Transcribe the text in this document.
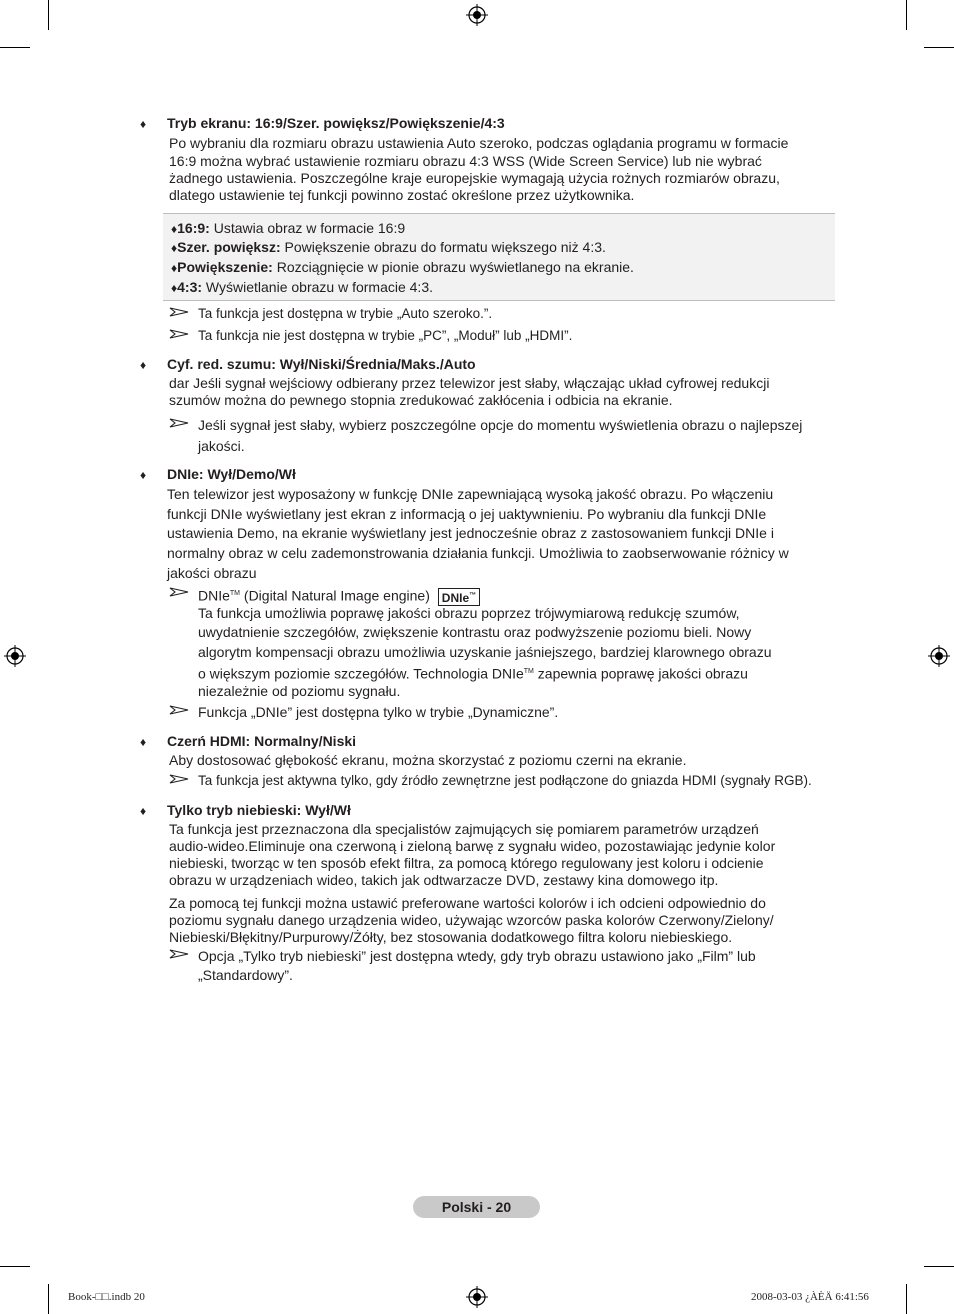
♦ Tryb ekranu: 16:9/Szer. powiększ/Powiększenie/4:3
Po wybraniu dla rozmiaru obrazu ustawienia Auto szeroko, podczas oglądania programu w formacie
16:9 można wybrać ustawienie rozmiaru obrazu 4:3 WSS (Wide Screen Service) lub nie wybrać
żadnego ustawienia. Poszczególne kraje europejskie wymagają użycia rożnych rozmiarów obrazu,
dlatego ustawienie tej funkcji powinno zostać określone przez użytkownika.
♦16:9: Ustawia obraz w formacie 16:9
♦Szer. powiększ: Powiększenie obrazu do formatu większego niż 4:3.
♦Powiększenie: Rozciągnięcie w pionie obrazu wyświetlanego na ekranie.
♦4:3: Wyświetlanie obrazu w formacie 4:3.
Ta funkcja jest dostępna w trybie „Auto szeroko.”.
Ta funkcja nie jest dostępna w trybie „PC”, „Moduł” lub „HDMI”.
♦ Cyf. red. szumu: Wył/Niski/Średnia/Maks./Auto
dar Jeśli sygnał wejściowy odbierany przez telewizor jest słaby, włączając układ cyfrowej redukcji
szumów można do pewnego stopnia zredukować zakłócenia i odbicia na ekranie.
Jeśli sygnał jest słaby, wybierz poszczególne opcje do momentu wyświetlenia obrazu o najlepszej
jakości.
♦ DNIe: Wył/Demo/Wł
Ten telewizor jest wyposażony w funkcję DNIe zapewniającą wysoką jakość obrazu. Po włączeniu
funkcji DNIe wyświetlany jest ekran z informacją o jej uaktywnieniu. Po wybraniu dla funkcji DNIe
ustawienia Demo, na ekranie wyświetlany jest jednocześnie obraz z zastosowaniem funkcji DNIe i
normalny obraz w celu zademonstrowania działania funkcji. Umożliwia to zaobserwowanie różnicy w
jakości obrazu
DNIe™ (Digital Natural Image engine) DNIe™
Ta funkcja umożliwia poprawę jakości obrazu poprzez trójwymiarową redukcję szumów,
uwydatnienie szczegółów, zwiększenie kontrastu oraz podwyższenie poziomu bieli. Nowy
algorytm kompensacji obrazu umożliwia uzyskanie jaśniejszego, bardziej klarownego obrazu
o większym poziomie szczegółów. Technologia DNIe™ zapewnia poprawę jakości obrazu
niezależnie od poziomu sygnału.
Funkcja „DNIe” jest dostępna tylko w trybie „Dynamiczne”.
♦ Czerń HDMI: Normalny/Niski
Aby dostosować głębokość ekranu, można skorzystać z poziomu czerni na ekranie.
Ta funkcja jest aktywna tylko, gdy źródło zewnętrzne jest podłączone do gniazda HDMI (sygnały RGB).
♦ Tylko tryb niebieski: Wył/Wł
Ta funkcja jest przeznaczona dla specjalistów zajmujących się pomiarem parametrów urządzeń
audio-wideo.Eliminuje ona czerwoną i zieloną barwę z sygnału wideo, pozostawiając jedynie kolor
niebieski, tworząc w ten sposób efekt filtra, za pomocą którego regulowany jest koloru i odcienie
obrazu w urządzeniach wideo, takich jak odtwarzacze DVD, zestawy kina domowego itp.
Za pomocą tej funkcji można ustawić preferowane wartości kolorów i ich odcieni odpowiednio do
poziomu sygnału danego urządzenia wideo, używając wzorców paska kolorów Czerwony/Zielony/
Niebieski/Błękitny/Purpurowy/Żółty, bez stosowania dodatkowego filtra koloru niebieskiego.
Opcja „Tylko tryb niebieski” jest dostępna wtedy, gdy tryb obrazu ustawiono jako „Film” lub
„Standardowy”.
Polski - 20
Book-□□.indb 20	2008-03-03 ¿ÀÈÄ 6:41:56
